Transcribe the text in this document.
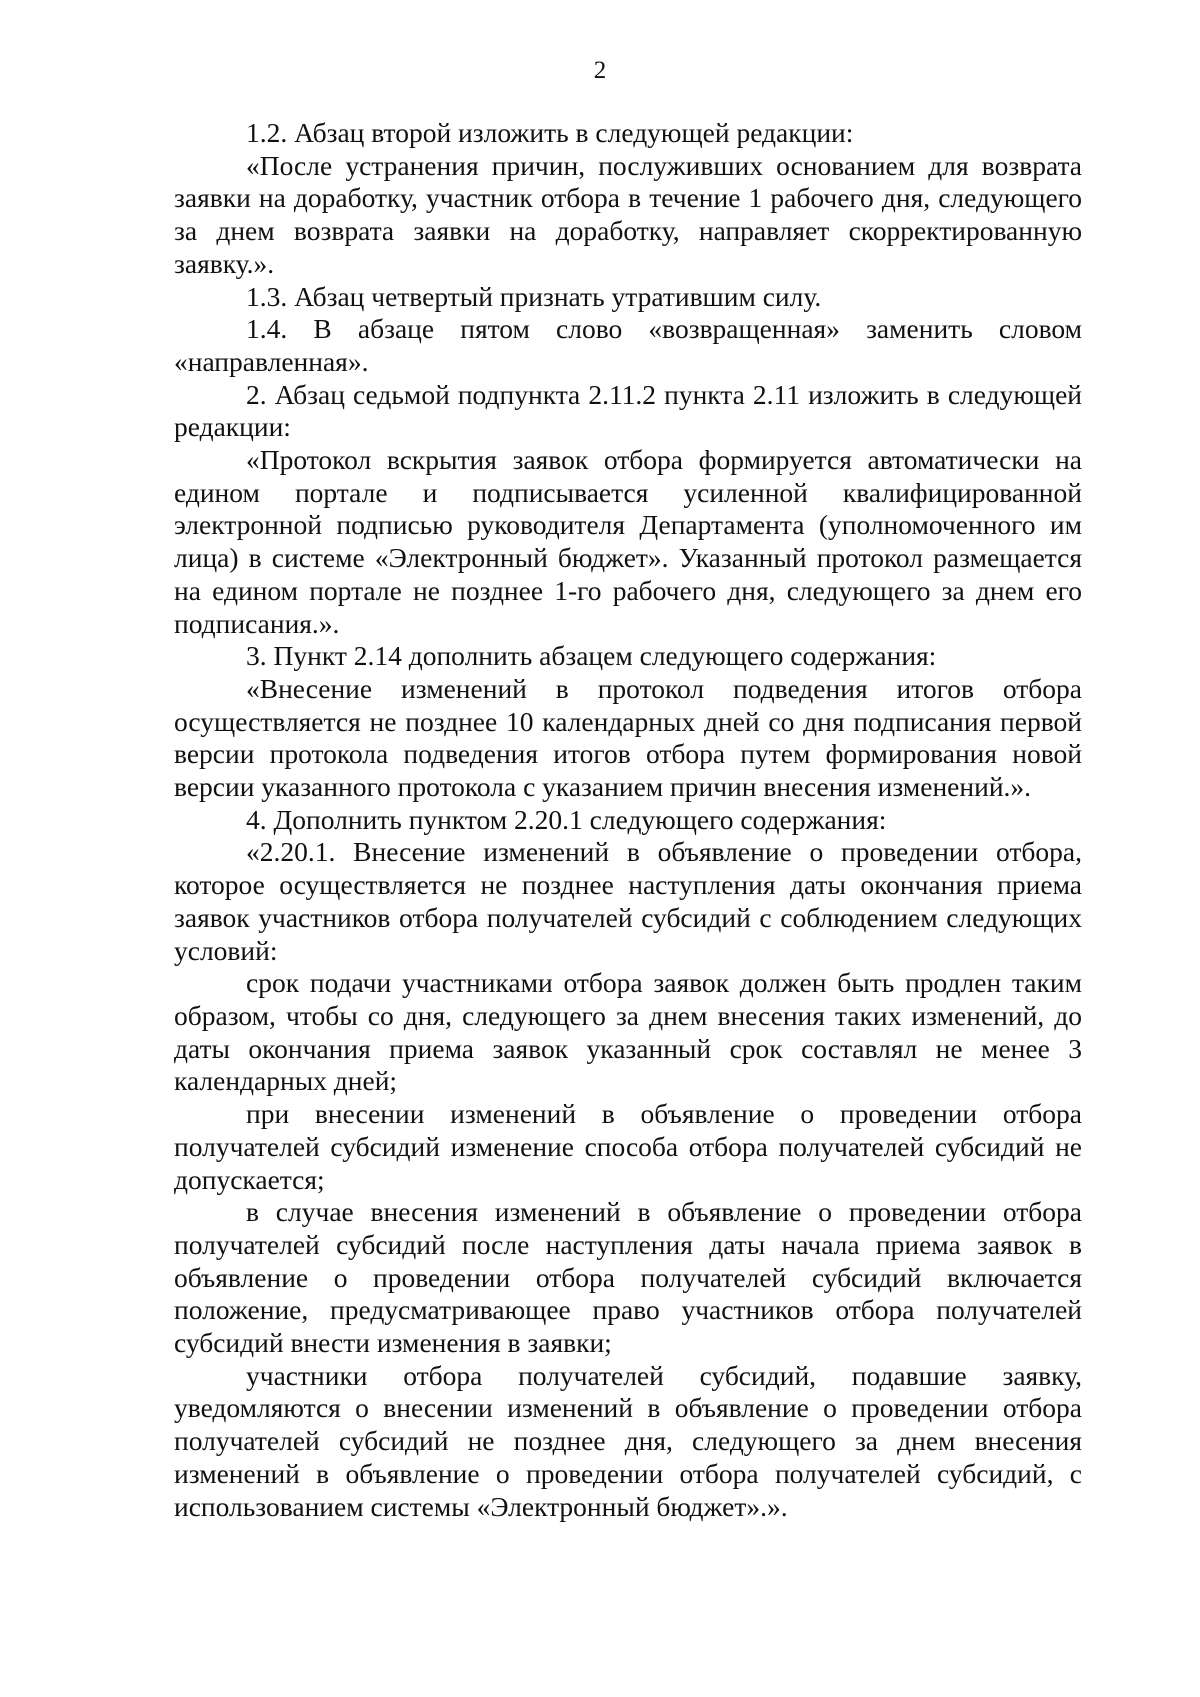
2

1.2. Абзац второй изложить в следующей редакции:

«После устранения причин, послуживших основанием для возврата заявки на доработку, участник отбора в течение 1 рабочего дня, следующего за днем возврата заявки на доработку, направляет скорректированную заявку.».

1.3. Абзац четвертый признать утратившим силу.

1.4. В абзаце пятом слово «возвращенная» заменить словом «направленная».

2. Абзац седьмой подпункта 2.11.2 пункта 2.11 изложить в следующей редакции:

«Протокол вскрытия заявок отбора формируется автоматически на едином портале и подписывается усиленной квалифицированной электронной подписью руководителя Департамента (уполномоченного им лица) в системе «Электронный бюджет». Указанный протокол размещается на едином портале не позднее 1-го рабочего дня, следующего за днем его подписания.».

3. Пункт 2.14 дополнить абзацем следующего содержания:

«Внесение изменений в протокол подведения итогов отбора осуществляется не позднее 10 календарных дней со дня подписания первой версии протокола подведения итогов отбора путем формирования новой версии указанного протокола с указанием причин внесения изменений.».

4. Дополнить пунктом 2.20.1 следующего содержания:

«2.20.1. Внесение изменений в объявление о проведении отбора, которое осуществляется не позднее наступления даты окончания приема заявок участников отбора получателей субсидий с соблюдением следующих условий:

срок подачи участниками отбора заявок должен быть продлен таким образом, чтобы со дня, следующего за днем внесения таких изменений, до даты окончания приема заявок указанный срок составлял не менее 3 календарных дней;

при внесении изменений в объявление о проведении отбора получателей субсидий изменение способа отбора получателей субсидий не допускается;

в случае внесения изменений в объявление о проведении отбора получателей субсидий после наступления даты начала приема заявок в объявление о проведении отбора получателей субсидий включается положение, предусматривающее право участников отбора получателей субсидий внести изменения в заявки;

участники отбора получателей субсидий, подавшие заявку, уведомляются о внесении изменений в объявление о проведении отбора получателей субсидий не позднее дня, следующего за днем внесения изменений в объявление о проведении отбора получателей субсидий, с использованием системы «Электронный бюджет».».
